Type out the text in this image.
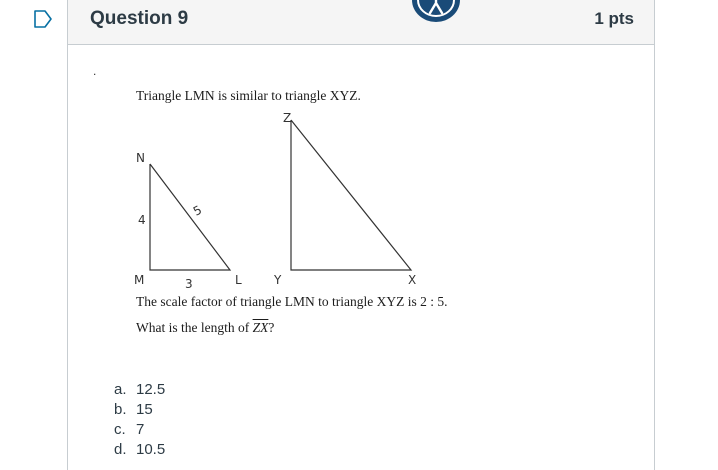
Question 9	1 pts
.
Triangle LMN is similar to triangle XYZ.
N
M	L
4
5
3
Z
Y	X
The scale factor of triangle LMN to triangle XYZ is 2 : 5.
What is the length of $\overline{ZX}$?
a. 12.5
b. 15
c. 7
d. 10.5
